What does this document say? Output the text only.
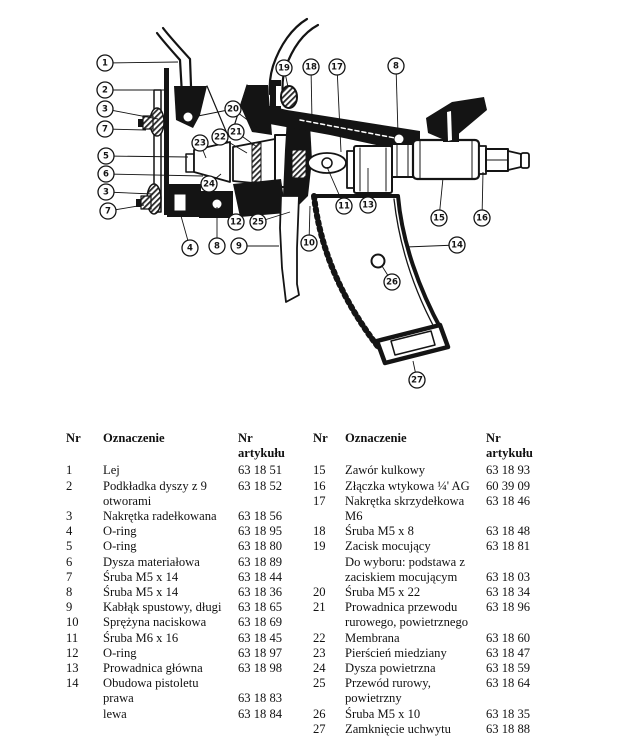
1
2
3
7
5
6
3
7
4 8 9
12 25
10
11 13
15	16
14
26
27
19 18 17	8
20
21
22
23
24
Nr	Oznaczenie	Nr
artykułu
1	Lej	63 18 51
2	Podkładka dyszy z 9	63 18 52
otworami
3	Nakrętka radełkowana	63 18 56
4	O-ring	63 18 95
5	O-ring	63 18 80
6	Dysza materiałowa	63 18 89
7	Śruba M5 x 14	63 18 44
8	Śruba M5 x 14	63 18 36
9	Kabłąk spustowy, długi	63 18 65
10	Sprężyna naciskowa	63 18 69
11	Śruba M6 x 16	63 18 45
12	O-ring	63 18 97
13	Prowadnica główna	63 18 98
14	Obudowa pistoletu
prawa	63 18 83
lewa	63 18 84
Nr	Oznaczenie	Nr
artykułu
15	Zawór kulkowy	63 18 93
16	Złączka wtykowa ¼' AG	60 39 09
17	Nakrętka skrzydełkowa	63 18 46
M6
18	Śruba M5 x 8	63 18 48
19	Zacisk mocujący	63 18 81
Do wyboru: podstawa z
zaciskiem mocującym	63 18 03
20	Śruba M5 x 22	63 18 34
21	Prowadnica przewodu	63 18 96
rurowego, powietrznego
22	Membrana	63 18 60
23	Pierścień miedziany	63 18 47
24	Dysza powietrzna	63 18 59
25	Przewód rurowy,	63 18 64
powietrzny
26	Śruba M5 x 10	63 18 35
27	Zamknięcie uchwytu	63 18 88
